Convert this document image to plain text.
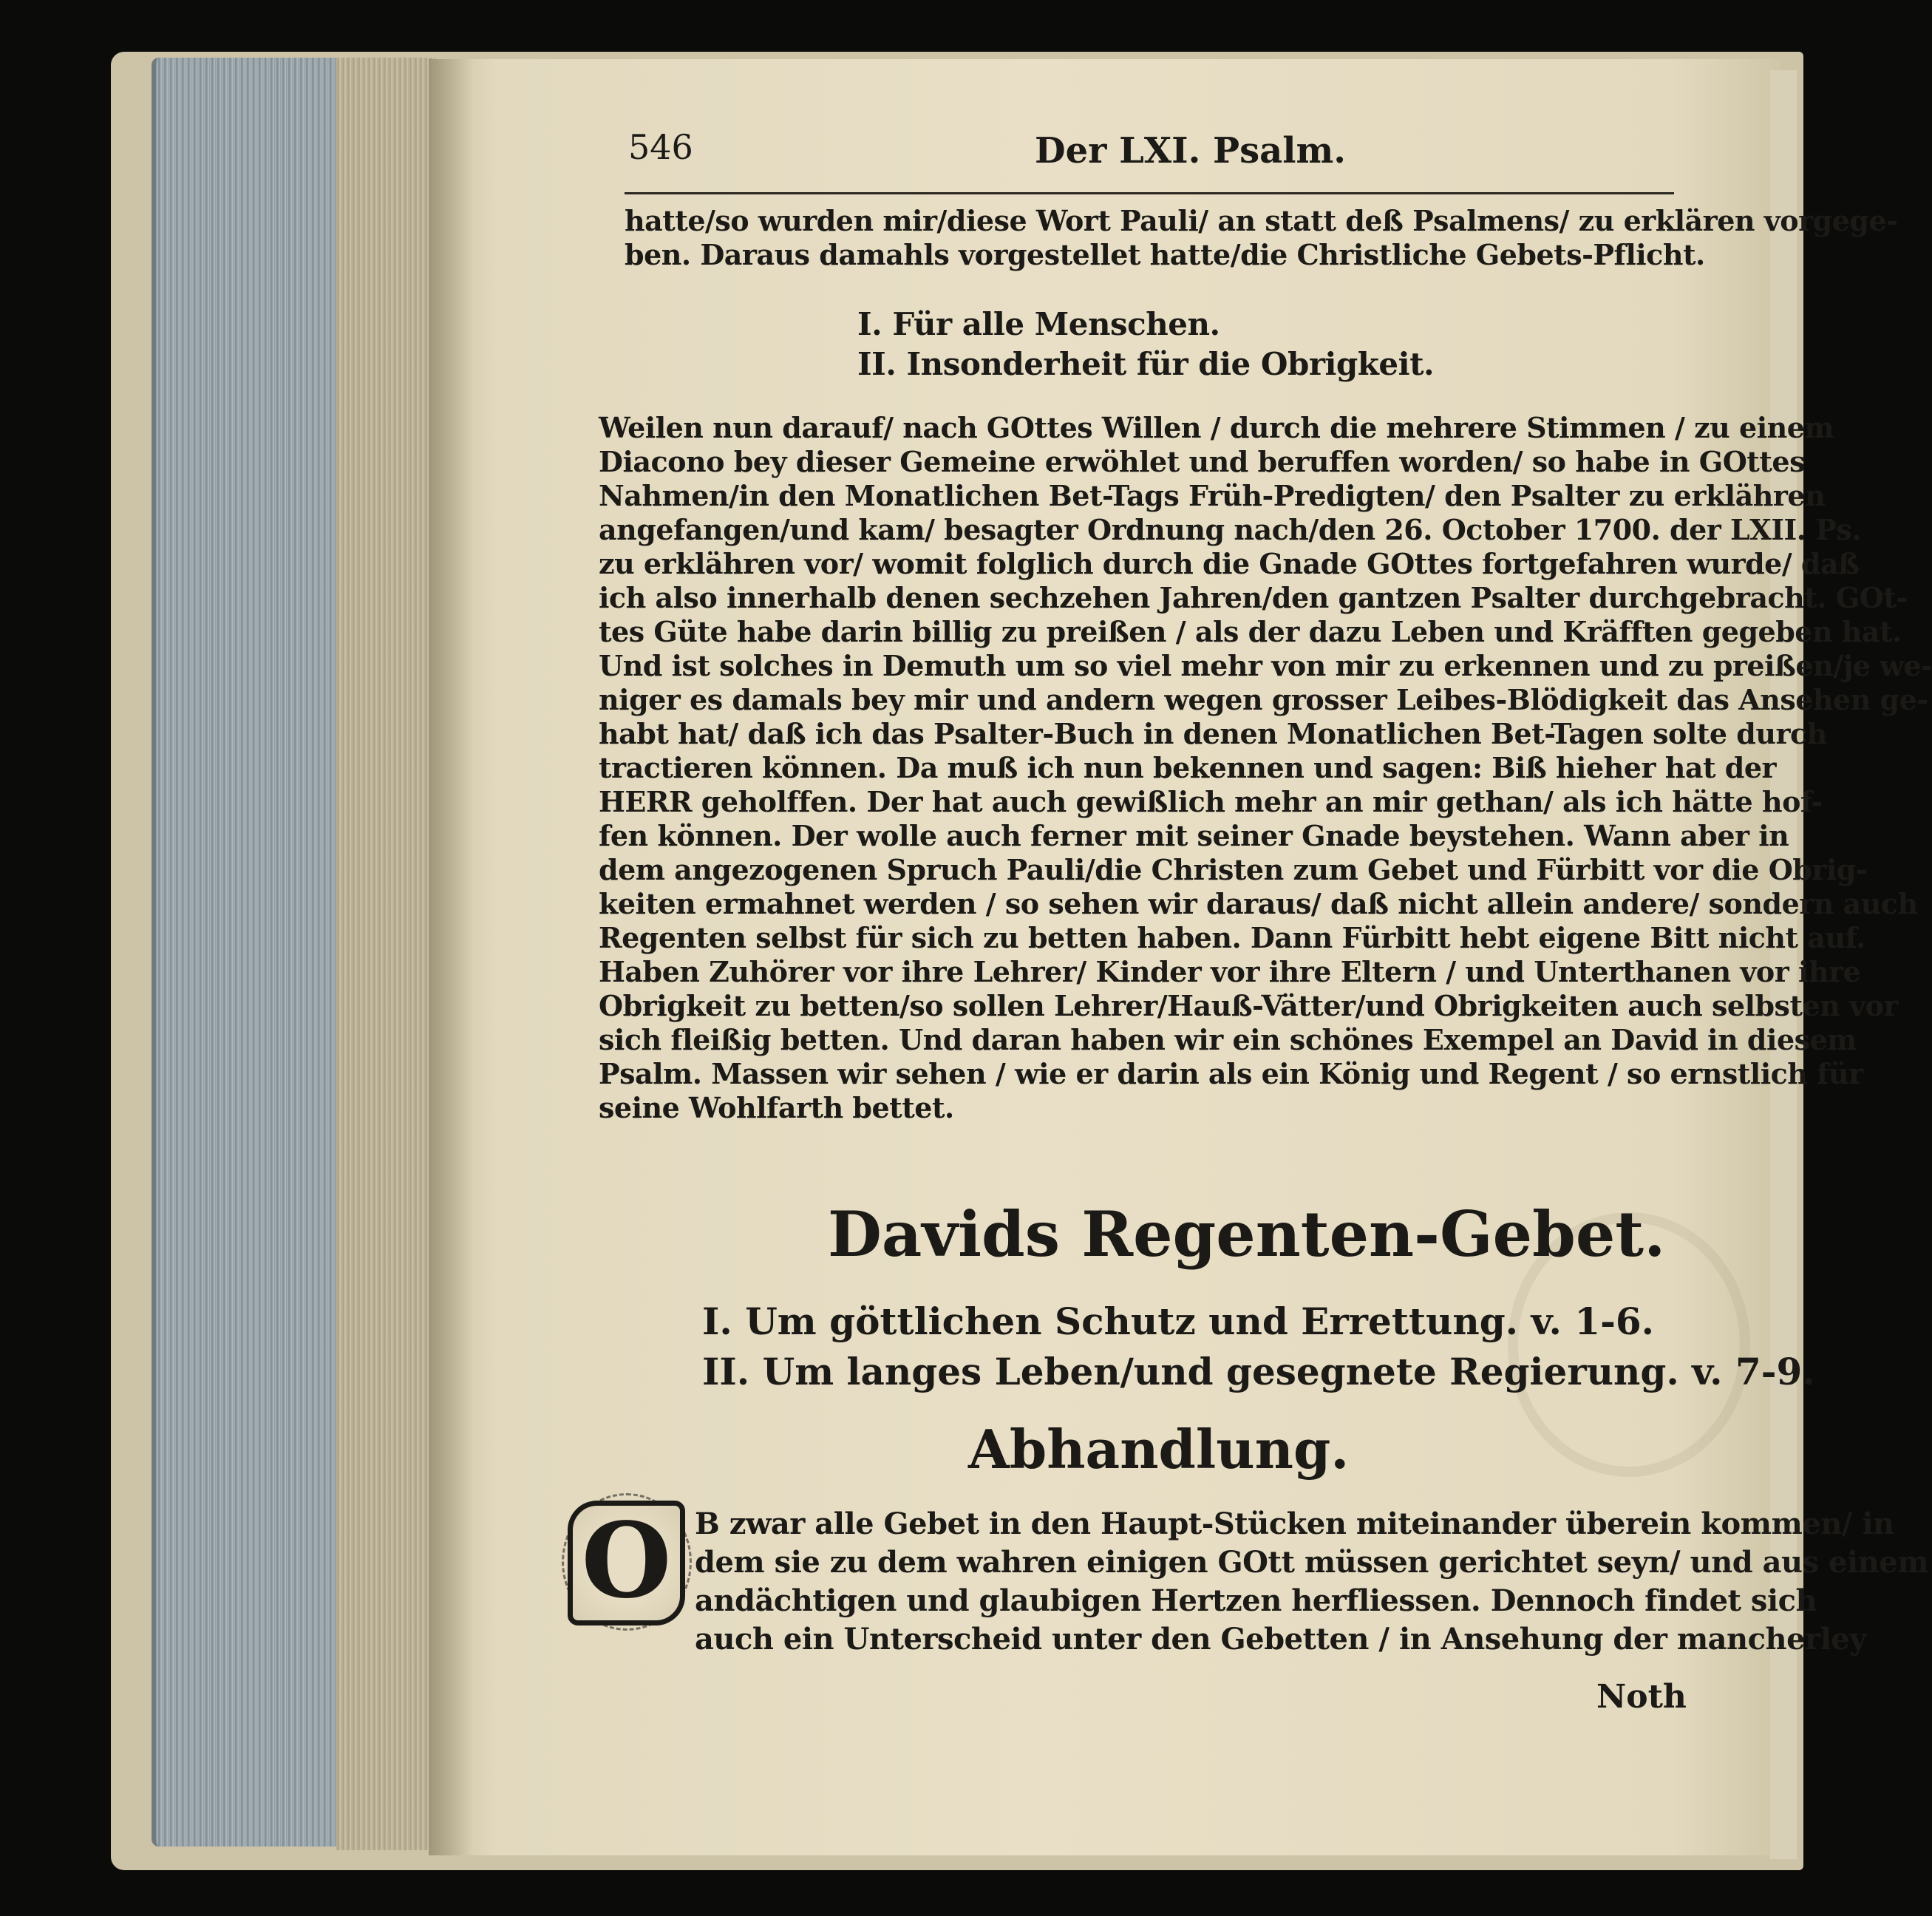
546	Der LXI. Psalm.
hatte/so wurden mir/diese Wort Pauli/ an statt deß Psalmens/ zu erklären vorgege-
ben. Daraus damahls vorgestellet hatte/die Christliche Gebets-Pflicht.
I. Für alle Menschen.
II. Insonderheit für die Obrigkeit.
Weilen nun darauf/ nach GOttes Willen / durch die mehrere Stimmen / zu einem
Diacono bey dieser Gemeine erwöhlet und beruffen worden/ so habe in GOttes
Nahmen/in den Monatlichen Bet-Tags Früh-Predigten/ den Psalter zu erklähren
angefangen/und kam/ besagter Ordnung nach/den 26. October 1700. der LXII. Ps.
zu erklähren vor/ womit folglich durch die Gnade GOttes fortgefahren wurde/ daß
ich also innerhalb denen sechzehen Jahren/den gantzen Psalter durchgebracht. GOt-
tes Güte habe darin billig zu preißen / als der dazu Leben und Kräfften gegeben hat.
Und ist solches in Demuth um so viel mehr von mir zu erkennen und zu preißen/je we-
niger es damals bey mir und andern wegen grosser Leibes-Blödigkeit das Ansehen ge-
habt hat/ daß ich das Psalter-Buch in denen Monatlichen Bet-Tagen solte durch
tractieren können. Da muß ich nun bekennen und sagen: Biß hieher hat der
HERR geholffen. Der hat auch gewißlich mehr an mir gethan/ als ich hätte hof-
fen können. Der wolle auch ferner mit seiner Gnade beystehen. Wann aber in
dem angezogenen Spruch Pauli/die Christen zum Gebet und Fürbitt vor die Obrig-
keiten ermahnet werden / so sehen wir daraus/ daß nicht allein andere/ sondern auch
Regenten selbst für sich zu betten haben. Dann Fürbitt hebt eigene Bitt nicht auf.
Haben Zuhörer vor ihre Lehrer/ Kinder vor ihre Eltern / und Unterthanen vor ihre
Obrigkeit zu betten/so sollen Lehrer/Hauß-Vätter/und Obrigkeiten auch selbsten vor
sich fleißig betten. Und daran haben wir ein schönes Exempel an David in diesem
Psalm. Massen wir sehen / wie er darin als ein König und Regent / so ernstlich für
seine Wohlfarth bettet.
Davids Regenten-Gebet.
I. Um göttlichen Schutz und Errettung. v. 1-6.
II. Um langes Leben/und gesegnete Regierung. v. 7-9.
Abhandlung.
O B zwar alle Gebet in den Haupt-Stücken miteinander überein kommen/ in
dem sie zu dem wahren einigen GOtt müssen gerichtet seyn/ und aus einem
andächtigen und glaubigen Hertzen herfliessen. Dennoch findet sich
auch ein Unterscheid unter den Gebetten / in Ansehung der mancherley
Noth
